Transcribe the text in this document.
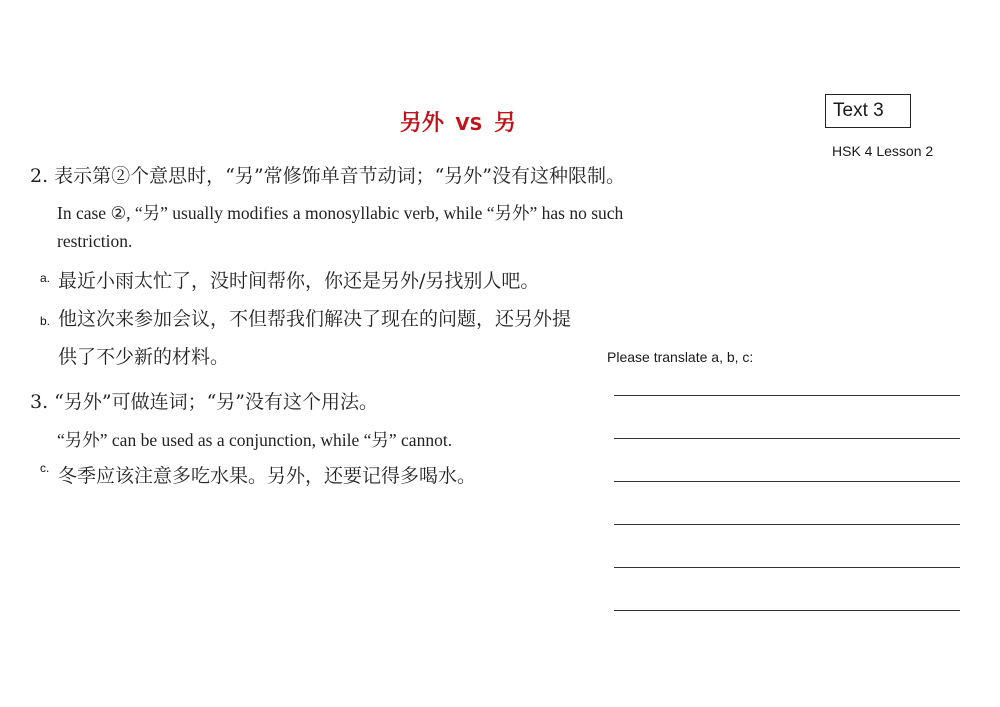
另外 VS 另
Text 3
HSK 4 Lesson 2
2. 表示第②个意思时，“另”常修饰单音节动词；“另外”没有这种限制。
In case ②, “另” usually modifies a monosyllabic verb, while “另外” has no such
restriction.
a. 最近小雨太忙了，没时间帮你，你还是另外/另找别人吧。
b. 他这次来参加会议，不但帮我们解决了现在的问题，还另外提
供了不少新的材料。
3. “另外”可做连词；“另”没有这个用法。
“另外” can be used as a conjunction, while “另” cannot.
c. 冬季应该注意多吃水果。另外，还要记得多喝水。
Please translate a, b, c:
